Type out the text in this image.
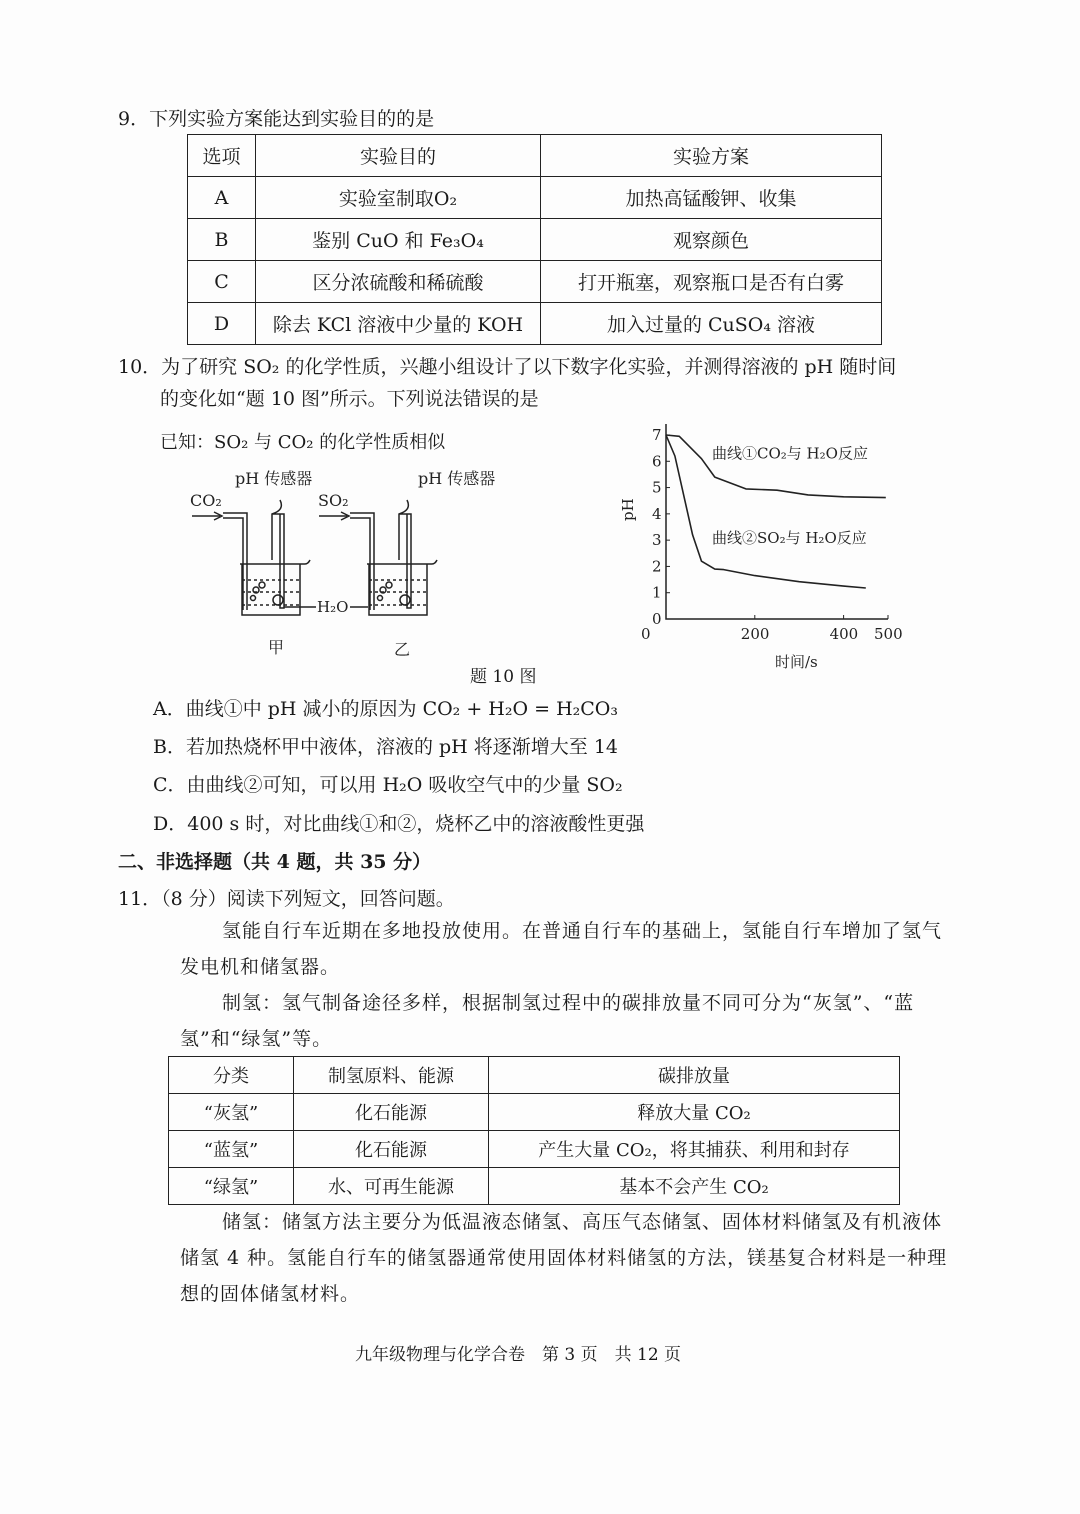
9．下列实验方案能达到实验目的的是
选项	实验目的	实验方案
A	实验室制取O₂	加热高锰酸钾、收集
B	鉴别 CuO 和 Fe₃O₄	观察颜色
C	区分浓硫酸和稀硫酸	打开瓶塞，观察瓶口是否有白雾
D	除去 KCl 溶液中少量的 KOH	加入过量的 CuSO₄ 溶液
10．为了研究 SO₂ 的化学性质，兴趣小组设计了以下数字化实验，并测得溶液的 pH 随时间
的变化如“题 10 图”所示。下列说法错误的是
已知：SO₂ 与 CO₂ 的化学性质相似
pH 传感器	pH 传感器
CO₂	SO₂
H₂O
甲	乙
题 10 图
0
1
2
3
4
5
6
7
200	400 500
0
时间/s
pH
曲线①CO₂与 H₂O反应
曲线②SO₂与 H₂O反应
A．曲线①中 pH 减小的原因为 CO₂ + H₂O = H₂CO₃
B．若加热烧杯甲中液体，溶液的 pH 将逐渐增大至 14
C．由曲线②可知，可以用 H₂O 吸收空气中的少量 SO₂
D．400 s 时，对比曲线①和②，烧杯乙中的溶液酸性更强
二、非选择题（共 4 题，共 35 分）
11．（8 分）阅读下列短文，回答问题。
氢能自行车近期在多地投放使用。在普通自行车的基础上，氢能自行车增加了氢气发电机和储氢器。
制氢：氢气制备途径多样，根据制氢过程中的碳排放量不同可分为“灰氢”、“蓝氢”和“绿氢”等。
分类	制氢原料、能源	碳排放量
“灰氢”	化石能源	释放大量 CO₂
“蓝氢”	化石能源	产生大量 CO₂，将其捕获、利用和封存
“绿氢”	水、可再生能源	基本不会产生 CO₂
储氢：储氢方法主要分为低温液态储氢、高压气态储氢、固体材料储氢及有机液体储氢 4 种。氢能自行车的储氢器通常使用固体材料储氢的方法，镁基复合材料是一种理想的固体储氢材料。
九年级物理与化学合卷　第 3 页　共 12 页
